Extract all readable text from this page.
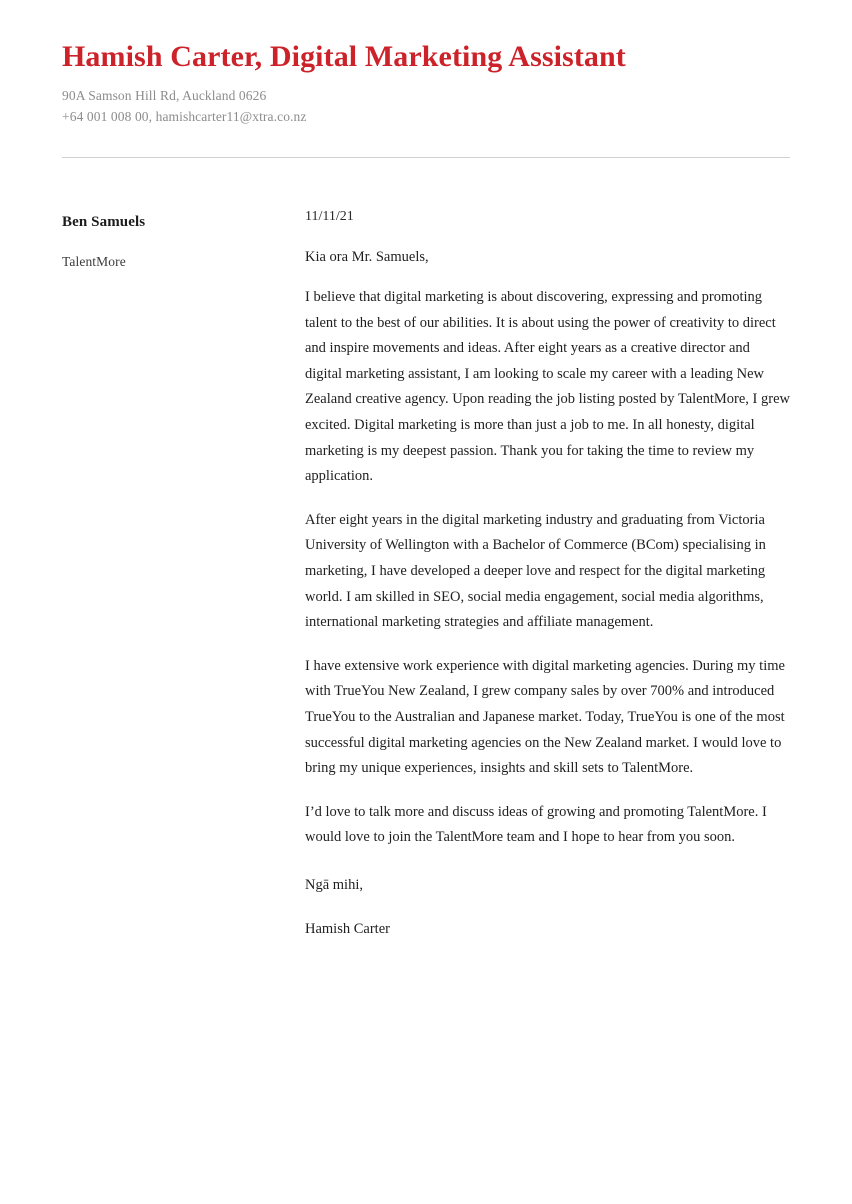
Hamish Carter, Digital Marketing Assistant
90A Samson Hill Rd, Auckland 0626
+64 001 008 00, hamishcarter11@xtra.co.nz
Ben Samuels
TalentMore
11/11/21
Kia ora Mr. Samuels,

I believe that digital marketing is about discovering, expressing and promoting talent to the best of our abilities. It is about using the power of creativity to direct and inspire movements and ideas. After eight years as a creative director and digital marketing assistant, I am looking to scale my career with a leading New Zealand creative agency. Upon reading the job listing posted by TalentMore, I grew excited. Digital marketing is more than just a job to me. In all honesty, digital marketing is my deepest passion. Thank you for taking the time to review my application.

After eight years in the digital marketing industry and graduating from Victoria University of Wellington with a Bachelor of Commerce (BCom) specialising in marketing, I have developed a deeper love and respect for the digital marketing world. I am skilled in SEO, social media engagement, social media algorithms, international marketing strategies and affiliate management.

I have extensive work experience with digital marketing agencies. During my time with TrueYou New Zealand, I grew company sales by over 700% and introduced TrueYou to the Australian and Japanese market. Today, TrueYou is one of the most successful digital marketing agencies on the New Zealand market. I would love to bring my unique experiences, insights and skill sets to TalentMore.

I’d love to talk more and discuss ideas of growing and promoting TalentMore. I would love to join the TalentMore team and I hope to hear from you soon.

Ngā mihi,
Hamish Carter
